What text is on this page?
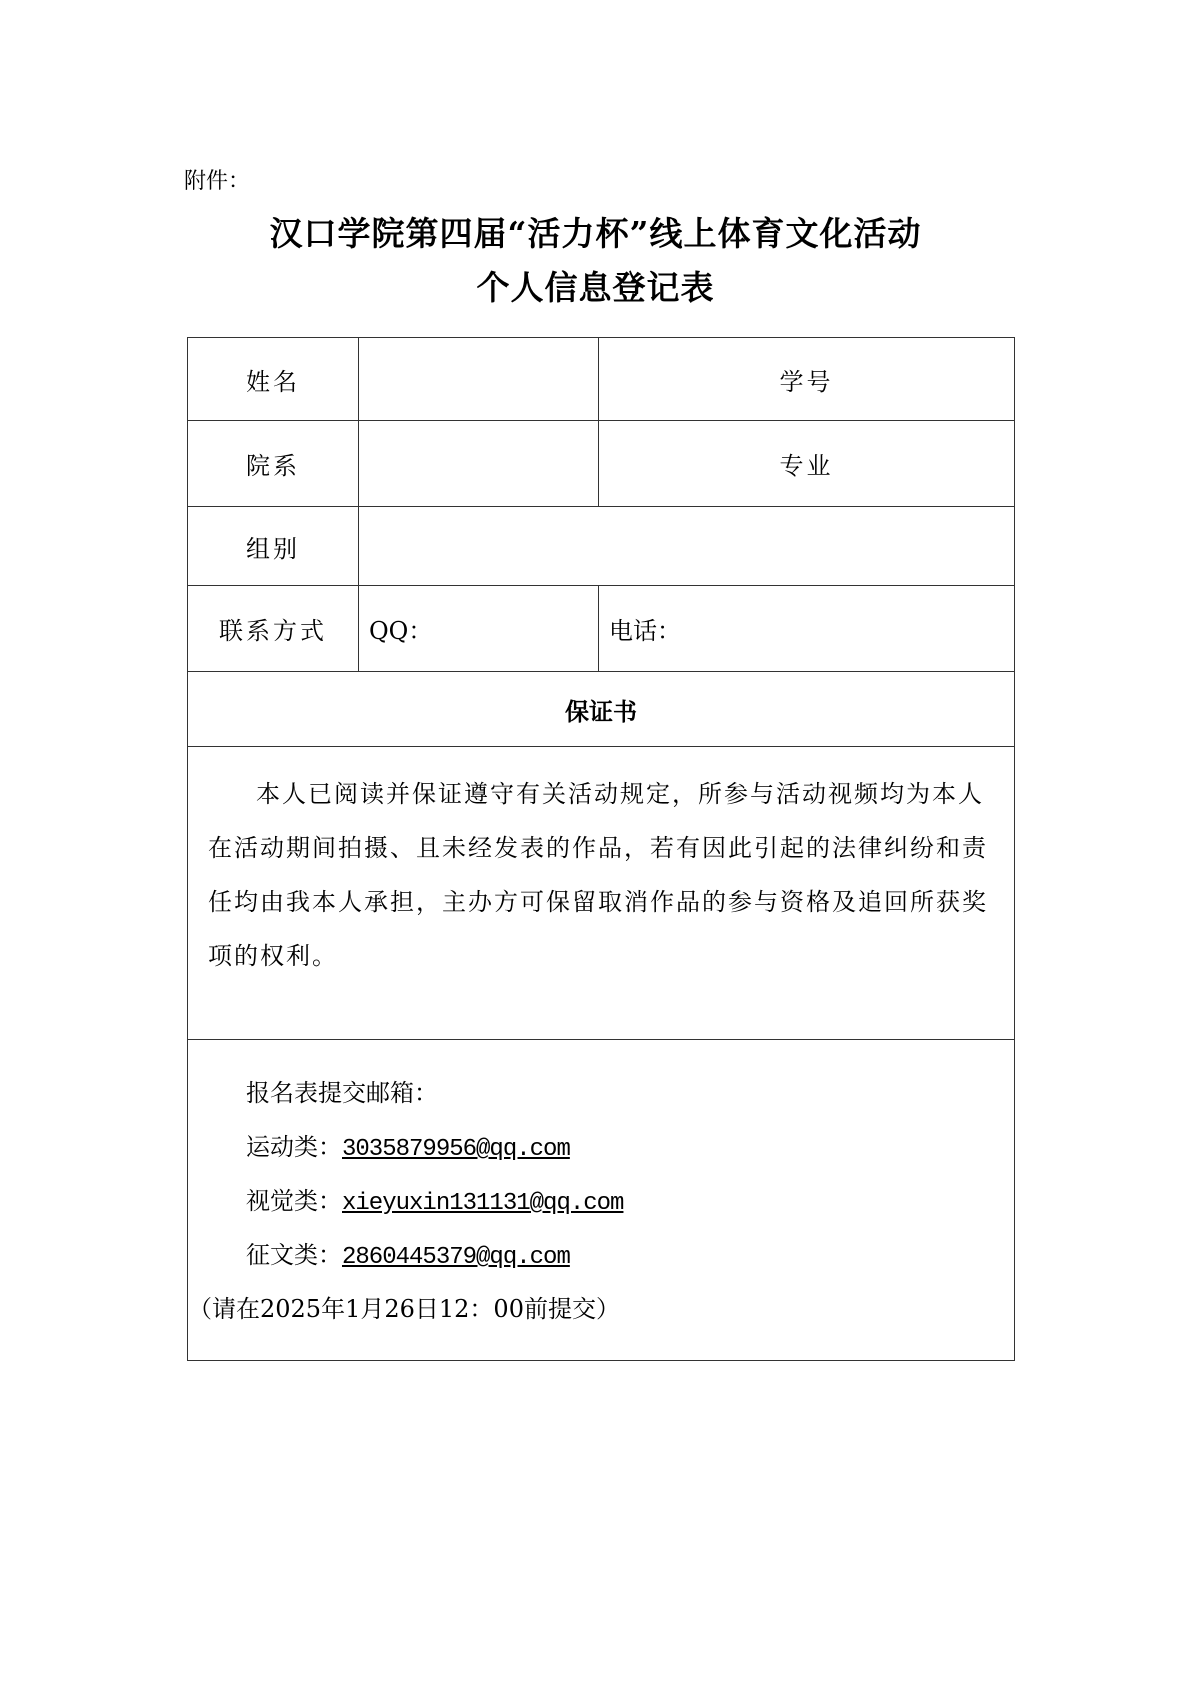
附件：
汉口学院第四届“活力杯”线上体育文化活动
个人信息登记表
姓名		学号
院系		专业
组别		
联系方式	QQ：	电话：
保证书		
本人已阅读并保证遵守有关活动规定，所参与活动视频均为本人在活动期间拍摄、且未经发表的作品，若有因此引起的法律纠纷和责任均由我本人承担，主办方可保留取消作品的参与资格及追回所获奖项的权利。		

报名表提交邮箱：
运动类：3035879956@qq.com
视觉类：xieyuxin131131@qq.com
征文类：2860445379@qq.com
（请在2025年1月26日12：00前提交）		
